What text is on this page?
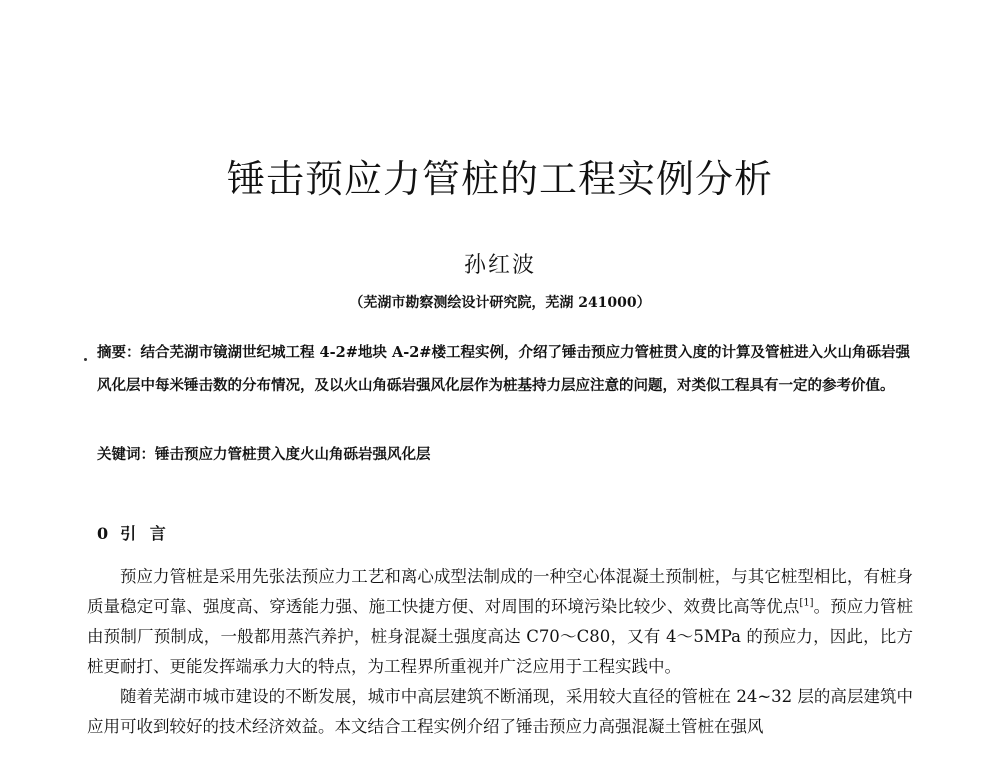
锤击预应力管桩的工程实例分析
孙红波
（芜湖市勘察测绘设计研究院，芜湖 241000）
摘要：结合芜湖市镜湖世纪城工程 4-2#地块 A-2#楼工程实例，介绍了锤击预应力管桩贯入度的计算及管桩进入火山角砾岩强风化层中每米锤击数的分布情况，及以火山角砾岩强风化层作为桩基持力层应注意的问题，对类似工程具有一定的参考价值。
关键词：锤击预应力管桩贯入度火山角砾岩强风化层
0 引 言

预应力管桩是采用先张法预应力工艺和离心成型法制成的一种空心体混凝土预制桩，与其它桩型相比，有桩身质量稳定可靠、强度高、穿透能力强、施工快捷方便、对周围的环境污染比较少、效费比高等优点[1]。预应力管桩由预制厂预制成，一般都用蒸汽养护，桩身混凝土强度高达 C70～C80，又有 4～5MPa 的预应力，因此，比方桩更耐打、更能发挥端承力大的特点，为工程界所重视并广泛应用于工程实践中。

随着芜湖市城市建设的不断发展，城市中高层建筑不断涌现，采用较大直径的管桩在 24~32 层的高层建筑中应用可收到较好的技术经济效益。本文结合工程实例介绍了锤击预应力高强混凝土管桩在强风
